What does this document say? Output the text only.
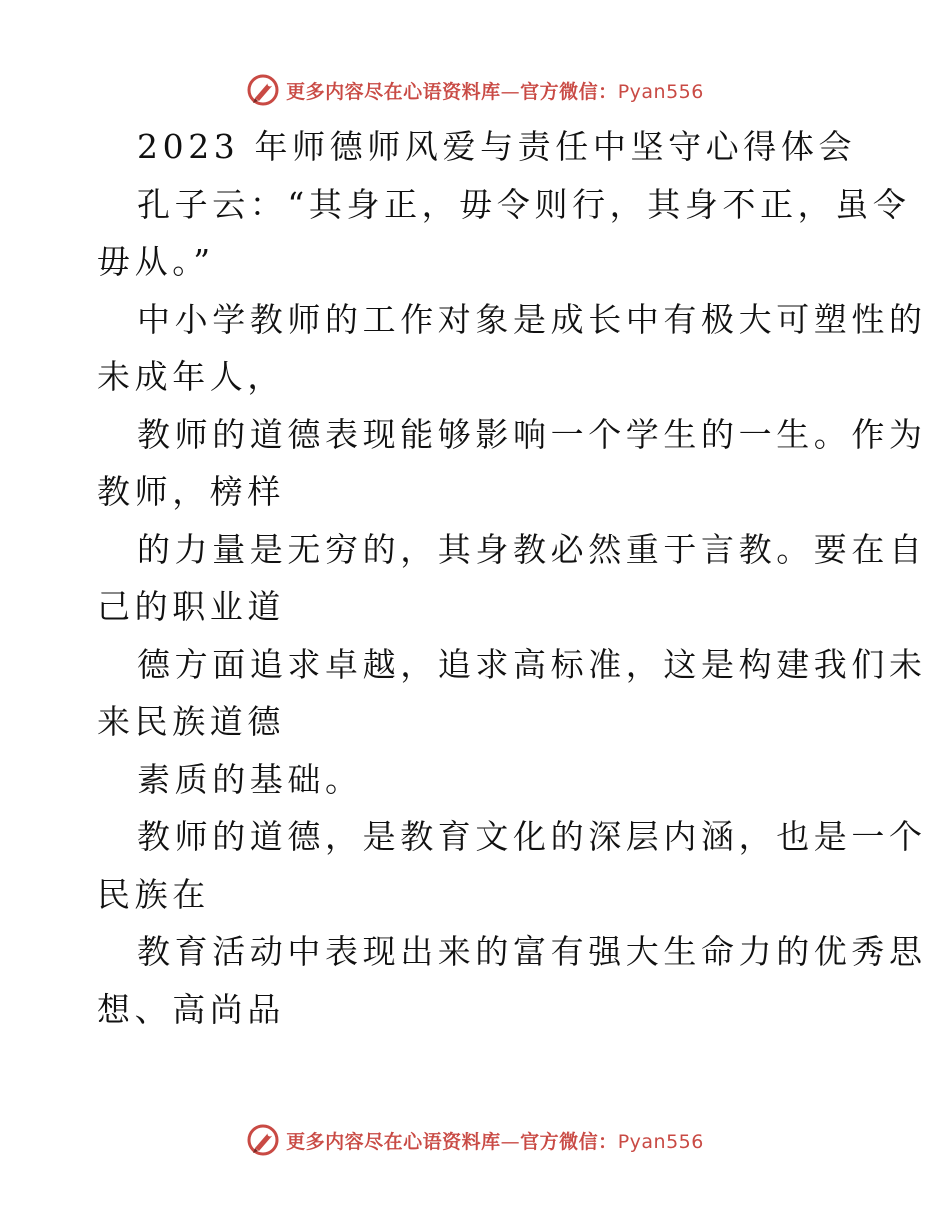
更多内容尽在心语资料库—官方微信：Pyan556
2023 年师德师风爱与责任中坚守心得体会
孔子云：“其身正，毋令则行，其身不正，虽令
毋从。”
中小学教师的工作对象是成长中有极大可塑性的
未成年人，
教师的道德表现能够影响一个学生的一生。作为
教师，榜样
的力量是无穷的，其身教必然重于言教。要在自
己的职业道
德方面追求卓越，追求高标准，这是构建我们未
来民族道德
素质的基础。
教师的道德，是教育文化的深层内涵，也是一个
民族在
教育活动中表现出来的富有强大生命力的优秀思
想、高尚品
更多内容尽在心语资料库—官方微信：Pyan556
